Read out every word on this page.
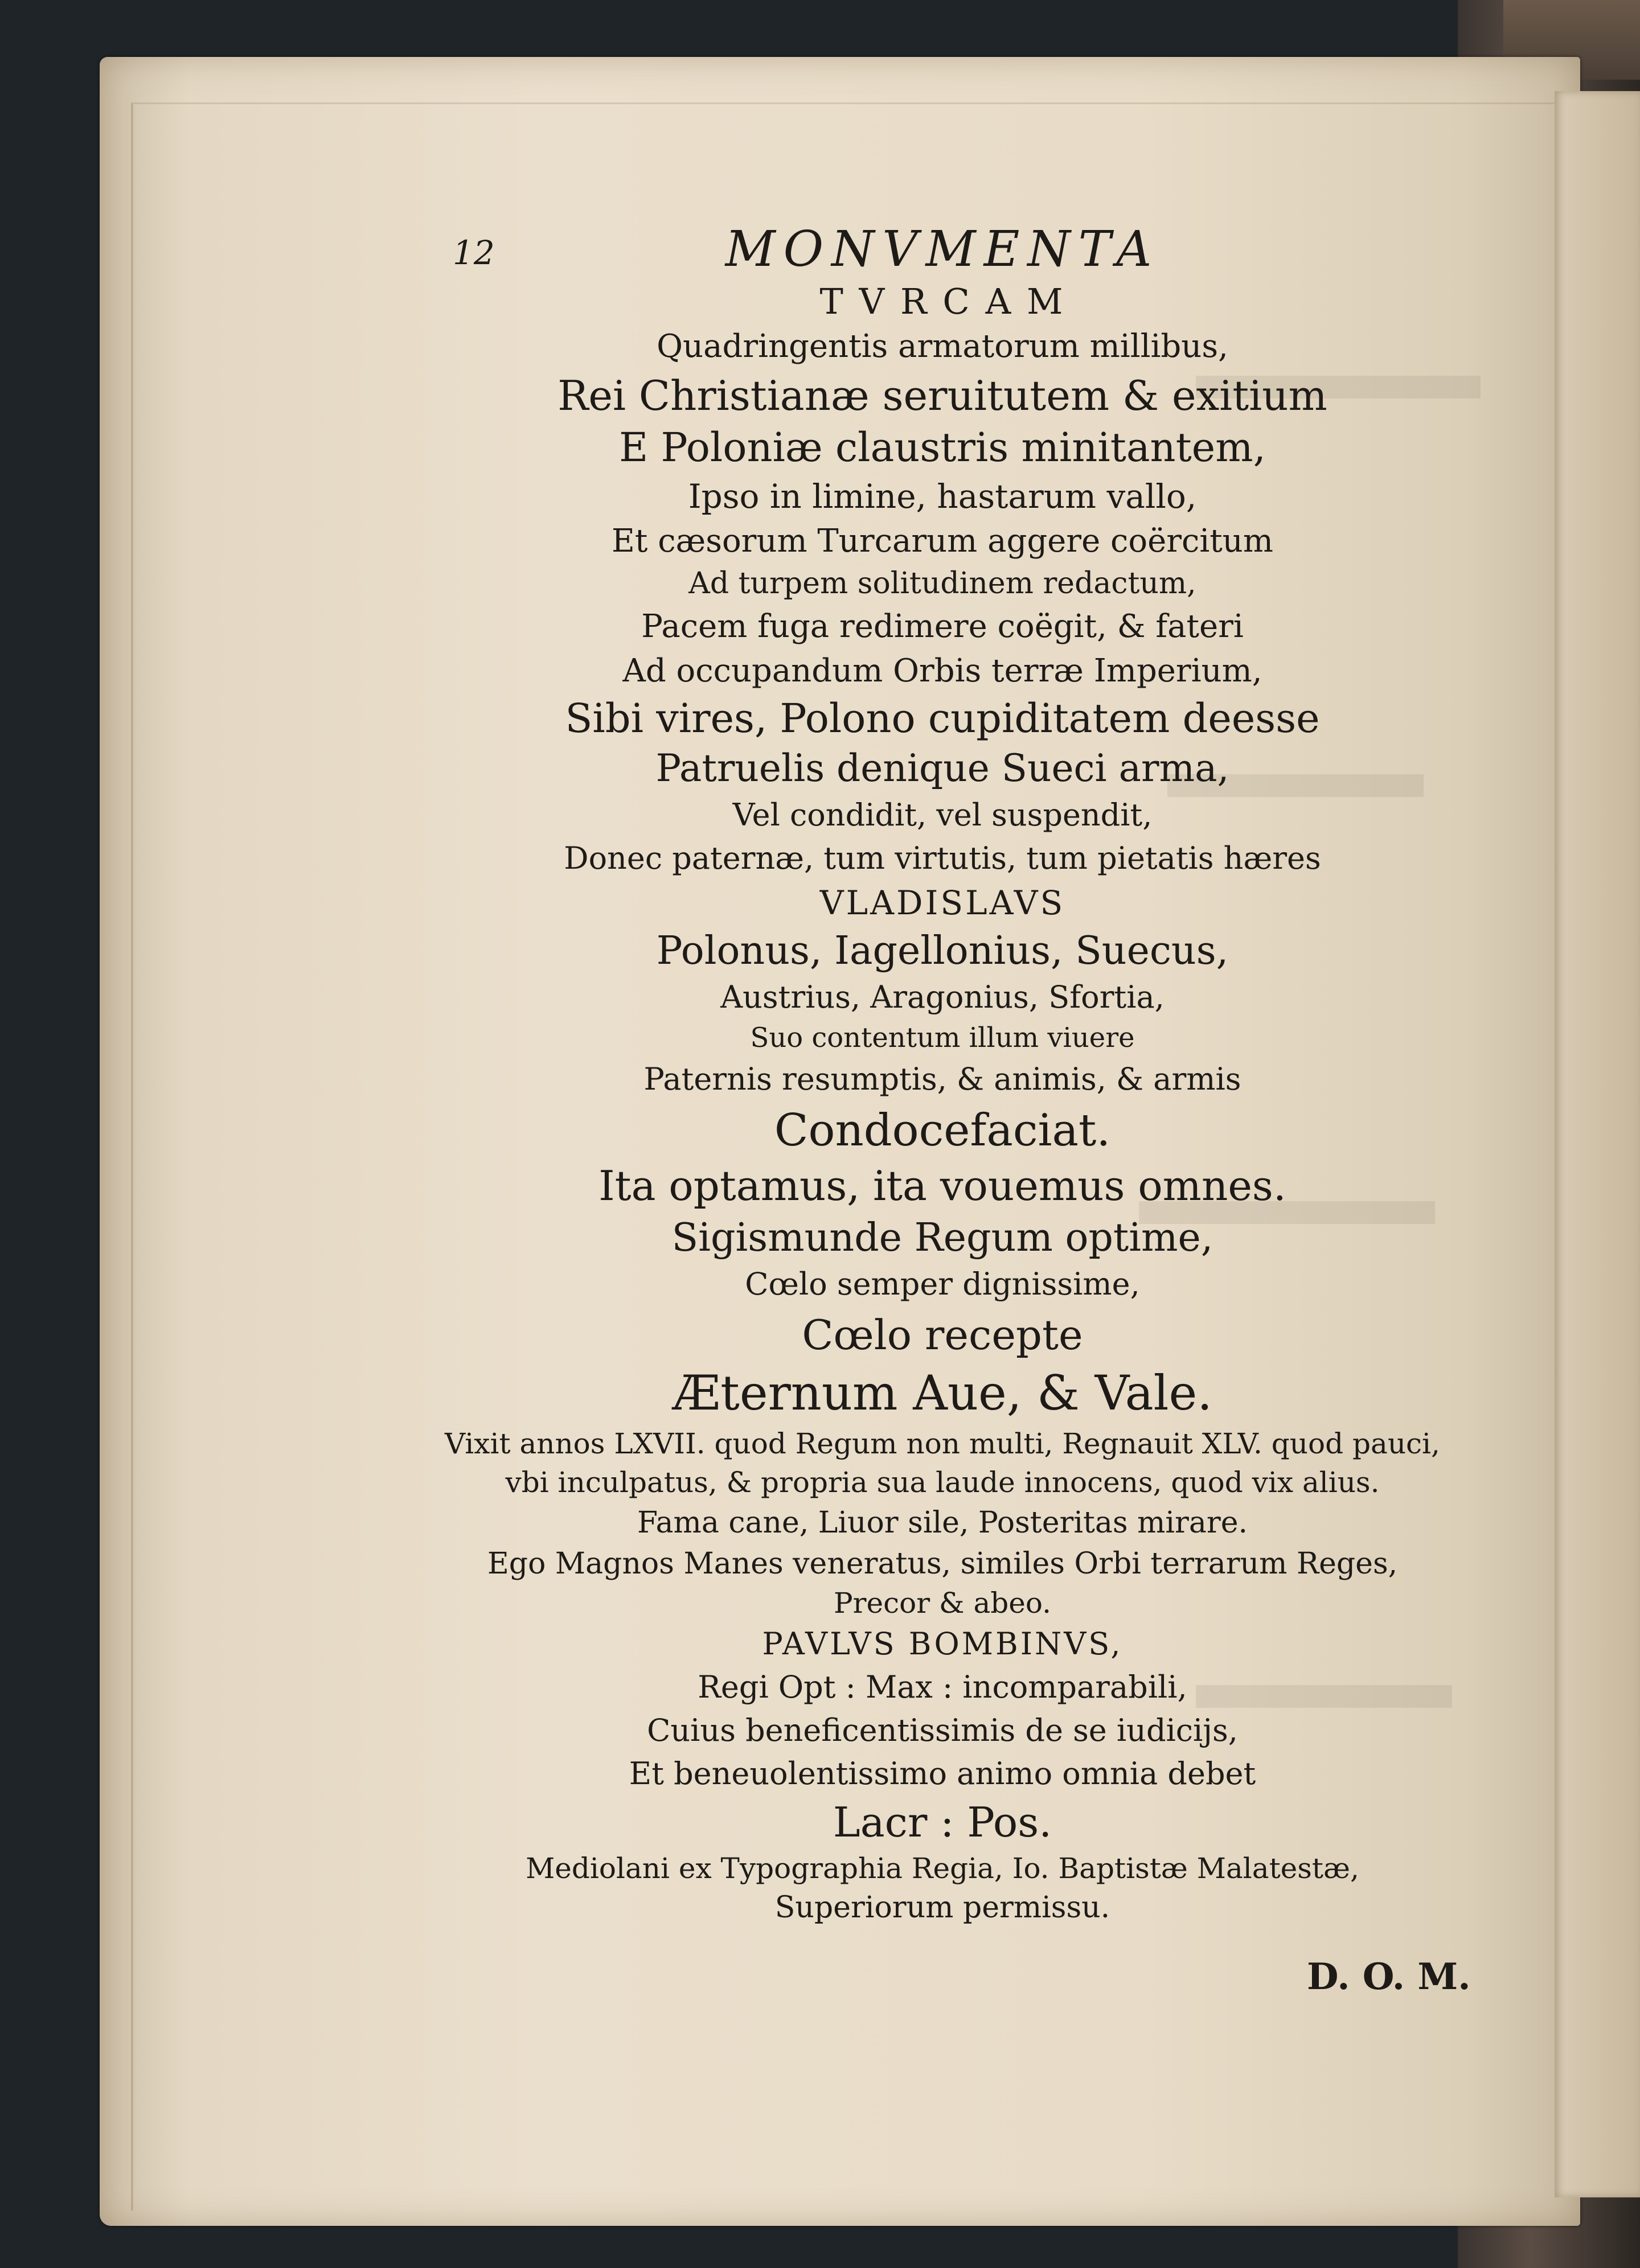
12	MONVMENTA
T V R C A M
Quadringentis armatorum millibus,
Rei Christianæ seruitutem & exitium
E Poloniæ claustris minitantem,
Ipso in limine, hastarum vallo,
Et cæsorum Turcarum aggere coërcitum
Ad turpem solitudinem redactum,
Pacem fuga redimere coëgit, & fateri
Ad occupandum Orbis terræ Imperium,
Sibi vires, Polono cupiditatem deesse
Patruelis denique Sueci arma,
Vel condidit, vel suspendit,
Donec paternæ, tum virtutis, tum pietatis hæres
VLADISLAVS
Polonus, Iagellonius, Suecus,
Austrius, Aragonius, Sfortia,
Suo contentum illum viuere
Paternis resumptis, & animis, & armis
Condocefaciat.
Ita optamus, ita vouemus omnes.
Sigismunde Regum optime,
Cœlo semper dignissime,
Cœlo recepte
Æternum Aue, & Vale.
Vixit annos LXVII. quod Regum non multi, Regnauit XLV. quod pauci,
vbi inculpatus, & propria sua laude innocens, quod vix alius.
Fama cane, Liuor sile, Posteritas mirare.
Ego Magnos Manes veneratus, similes Orbi terrarum Reges,
Precor & abeo.
PAVLVS BOMBINVS,
Regi Opt : Max : incomparabili,
Cuius beneficentissimis de se iudicijs,
Et beneuolentissimo animo omnia debet
Lacr : Pos.
Mediolani ex Typographia Regia, Io. Baptistæ Malatestæ,
Superiorum permissu.
D. O. M.
